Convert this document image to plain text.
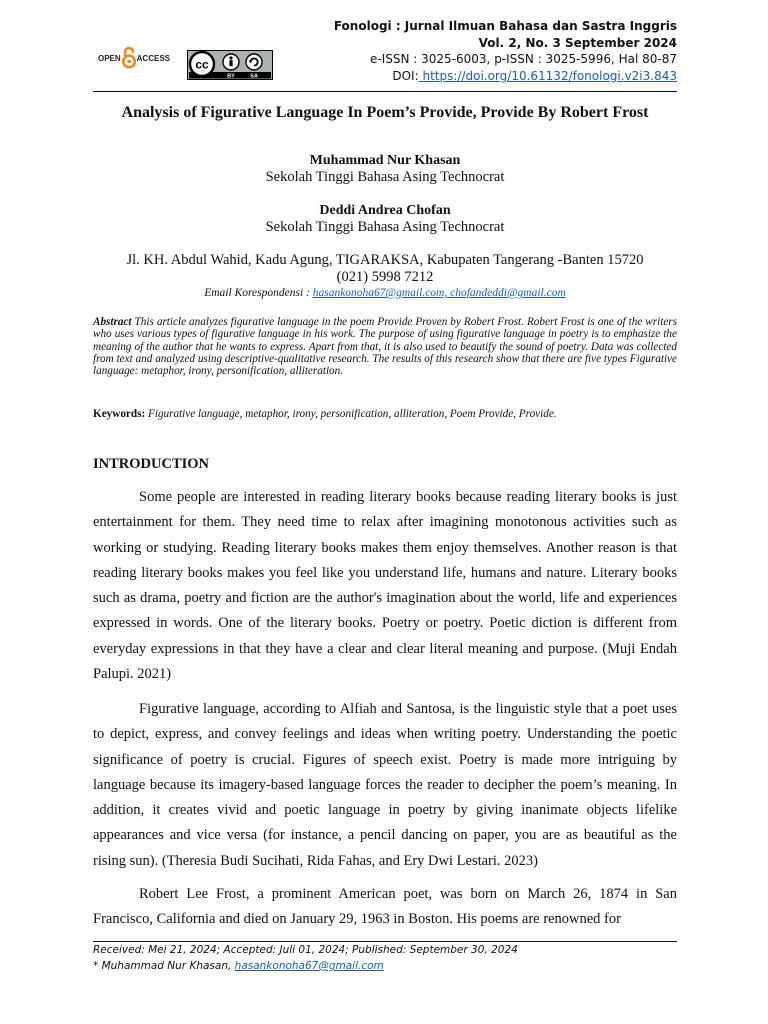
OPEN ACCESS cc
BY	SA
Fonologi : Jurnal Ilmuan Bahasa dan Sastra Inggris
Vol. 2, No. 3 September 2024
e-ISSN : 3025-6003, p-ISSN : 3025-5996, Hal 80-87
DOI: https://doi.org/10.61132/fonologi.v2i3.843
Analysis of Figurative Language In Poem’s Provide, Provide By Robert Frost
Muhammad Nur Khasan
Sekolah Tinggi Bahasa Asing Technocrat
Deddi Andrea Chofan
Sekolah Tinggi Bahasa Asing Technocrat
Jl. KH. Abdul Wahid, Kadu Agung, TIGARAKSA, Kabupaten Tangerang -Banten 15720
(021) 5998 7212
Email Korespondensi : hasankonoha67@gmail.com, chofandeddi@gmail.com
Abstract This article analyzes figurative language in the poem Provide Proven by Robert Frost. Robert Frost is one of the writers who uses various types of figurative language in his work. The purpose of using figurative language in poetry is to emphasize the meaning of the author that he wants to express. Apart from that, it is also used to beautify the sound of poetry. Data was collected from text and analyzed using descriptive-qualitative research. The results of this research show that there are five types Figurative language: metaphor, irony, personification, alliteration.
Keywords: Figurative language, metaphor, irony, personification, alliteration, Poem Provide, Provide.
INTRODUCTION

Some people are interested in reading literary books because reading literary books is just entertainment for them. They need time to relax after imagining monotonous activities such as working or studying. Reading literary books makes them enjoy themselves. Another reason is that reading literary books makes you feel like you understand life, humans and nature. Literary books such as drama, poetry and fiction are the author's imagination about the world, life and experiences expressed in words. One of the literary books. Poetry or poetry. Poetic diction is different from everyday expressions in that they have a clear and clear literal meaning and purpose. (Muji Endah Palupi. 2021)

Figurative language, according to Alfiah and Santosa, is the linguistic style that a poet uses to depict, express, and convey feelings and ideas when writing poetry. Understanding the poetic significance of poetry is crucial. Figures of speech exist. Poetry is made more intriguing by language because its imagery-based language forces the reader to decipher the poem’s meaning. In addition, it creates vivid and poetic language in poetry by giving inanimate objects lifelike appearances and vice versa (for instance, a pencil dancing on paper, you are as beautiful as the rising sun). (Theresia Budi Sucihati, Rida Fahas, and Ery Dwi Lestari. 2023)

Robert Lee Frost, a prominent American poet, was born on March 26, 1874 in San Francisco, California and died on January 29, 1963 in Boston. His poems are renowned for

Received: Mei 21, 2024; Accepted: Juli 01, 2024; Published: September 30, 2024
* Muhammad Nur Khasan, hasankonoha67@gmail.com
